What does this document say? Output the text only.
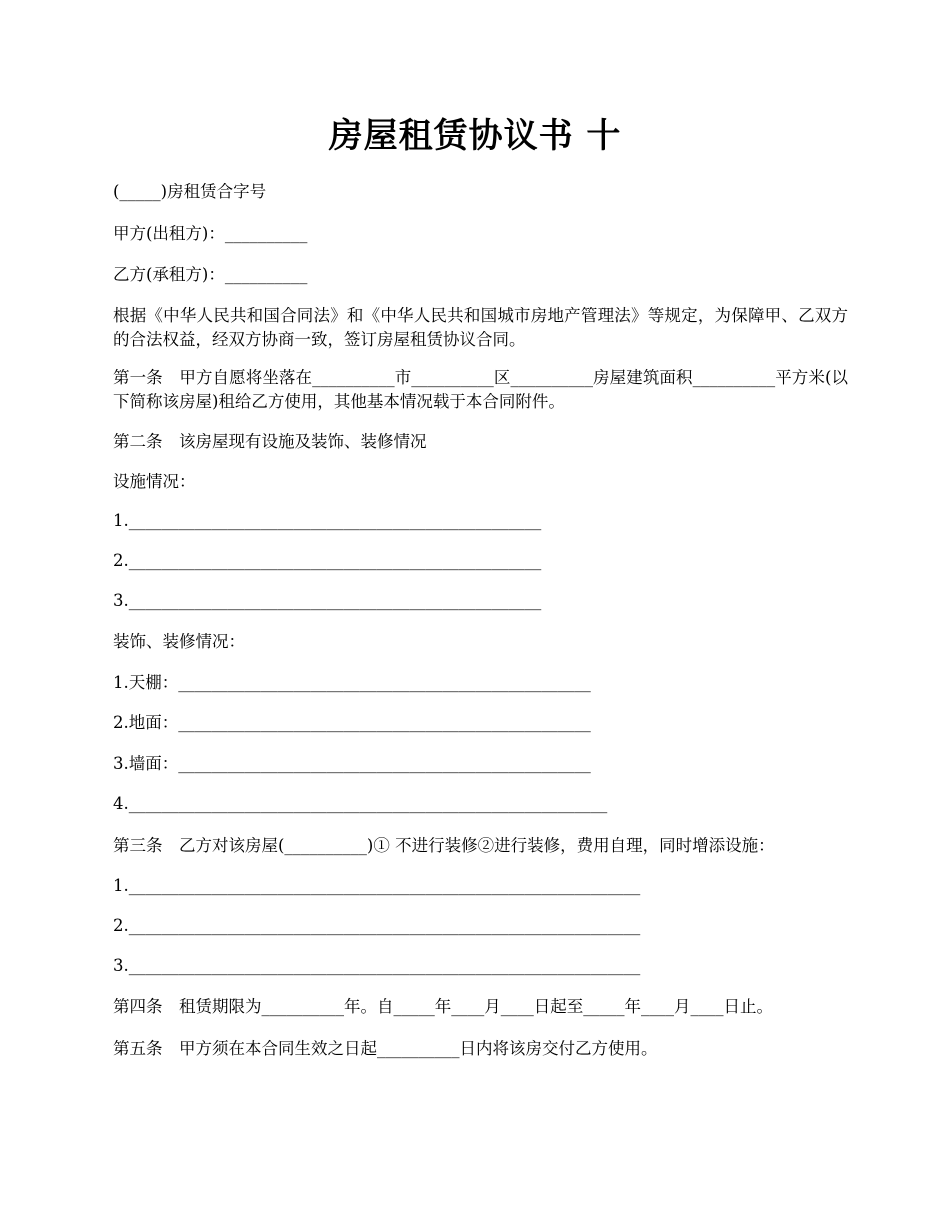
房屋租赁协议书 十
(_____)房租赁合字号
甲方(出租方)：__________
乙方(承租方)：__________
根据《中华人民共和国合同法》和《中华人民共和国城市房地产管理法》等规定，为保障甲、乙双方的合法权益，经双方协商一致，签订房屋租赁协议合同。
第一条　甲方自愿将坐落在__________市__________区__________房屋建筑面积__________平方米(以下简称该房屋)租给乙方使用，其他基本情况载于本合同附件。
第二条　该房屋现有设施及装饰、装修情况
设施情况：
1.__________________________________________________
2.__________________________________________________
3.__________________________________________________
装饰、装修情况：
1.天棚：__________________________________________________
2.地面：__________________________________________________
3.墙面：__________________________________________________
4.__________________________________________________________
第三条　乙方对该房屋(__________)① 不进行装修②进行装修，费用自理，同时增添设施：
1.______________________________________________________________
2.______________________________________________________________
3.______________________________________________________________
第四条　租赁期限为__________年。自_____年____月____日起至_____年____月____日止。
第五条　甲方须在本合同生效之日起__________日内将该房交付乙方使用。
